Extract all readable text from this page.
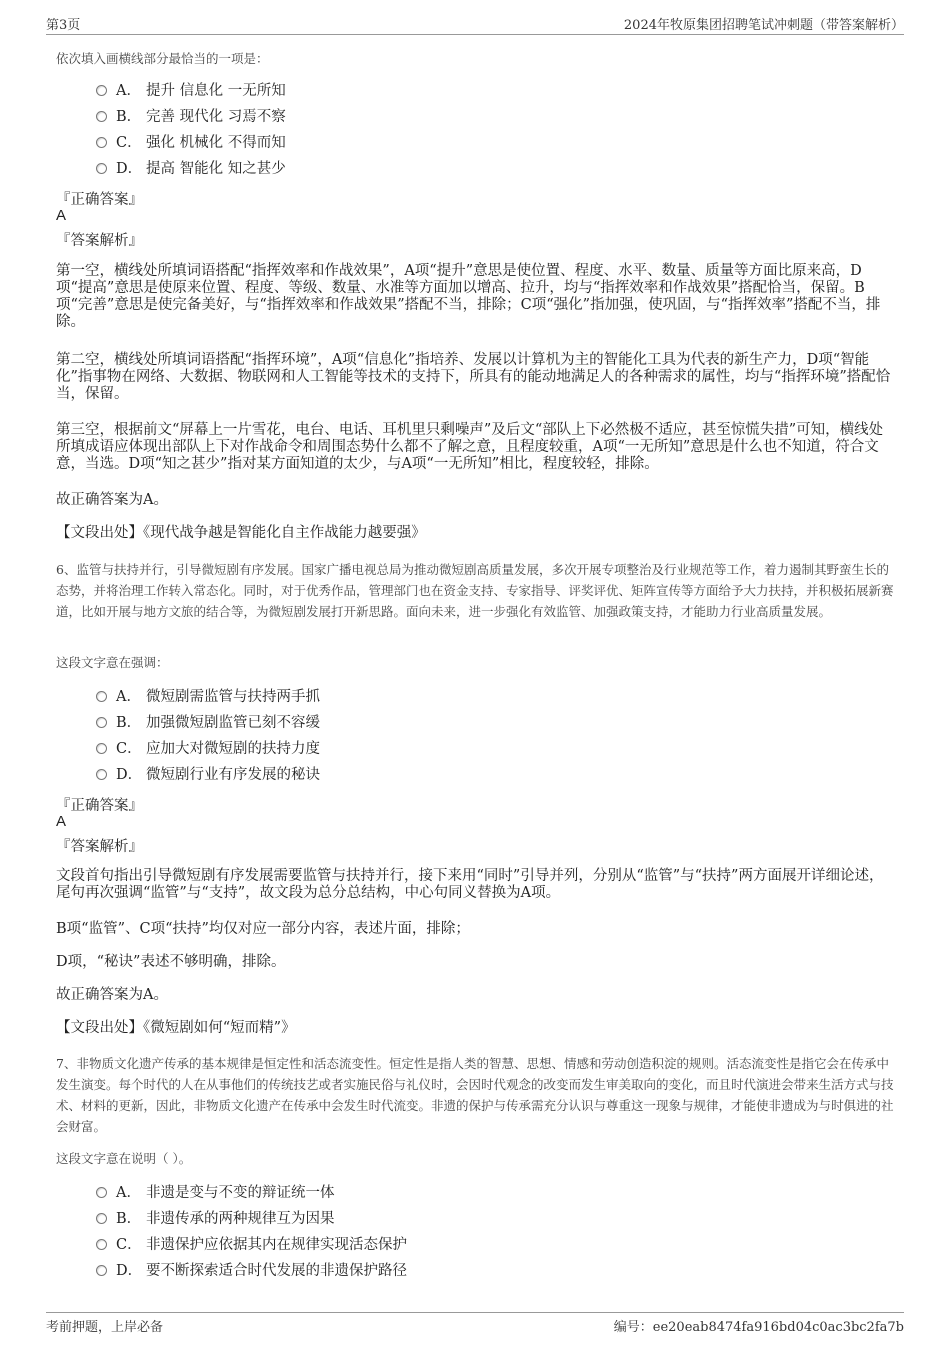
第3页	2024年牧原集团招聘笔试冲刺题（带答案解析）
依次填入画横线部分最恰当的一项是：
A． 提升 信息化 一无所知
B． 完善 现代化 习焉不察
C． 强化 机械化 不得而知
D． 提高 智能化 知之甚少
『正确答案』
A
『答案解析』
第一空，横线处所填词语搭配“指挥效率和作战效果”，A项“提升”意思是使位置、程度、水平、数量、质量等方面比原来高，D项“提高”意思是使原来位置、程度、等级、数量、水准等方面加以增高、拉升，均与“指挥效率和作战效果”搭配恰当，保留。B项“完善”意思是使完备美好，与“指挥效率和作战效果”搭配不当，排除；C项“强化”指加强，使巩固，与“指挥效率”搭配不当，排除。
第二空，横线处所填词语搭配“指挥环境”，A项“信息化”指培养、发展以计算机为主的智能化工具为代表的新生产力，D项“智能化”指事物在网络、大数据、物联网和人工智能等技术的支持下，所具有的能动地满足人的各种需求的属性，均与“指挥环境”搭配恰当，保留。
第三空，根据前文“屏幕上一片雪花，电台、电话、耳机里只剩噪声”及后文“部队上下必然极不适应，甚至惊慌失措”可知，横线处所填成语应体现出部队上下对作战命令和周围态势什么都不了解之意，且程度较重，A项“一无所知”意思是什么也不知道，符合文意，当选。D项“知之甚少”指对某方面知道的太少，与A项“一无所知”相比，程度较轻，排除。
故正确答案为A。
【文段出处】《现代战争越是智能化自主作战能力越要强》
6、监管与扶持并行，引导微短剧有序发展。国家广播电视总局为推动微短剧高质量发展，多次开展专项整治及行业规范等工作，着力遏制其野蛮生长的态势，并将治理工作转入常态化。同时，对于优秀作品，管理部门也在资金支持、专家指导、评奖评优、矩阵宣传等方面给予大力扶持，并积极拓展新赛道，比如开展与地方文旅的结合等，为微短剧发展打开新思路。面向未来，进一步强化有效监管、加强政策支持，才能助力行业高质量发展。
这段文字意在强调：
A． 微短剧需监管与扶持两手抓
B． 加强微短剧监管已刻不容缓
C． 应加大对微短剧的扶持力度
D． 微短剧行业有序发展的秘诀
『正确答案』
A
『答案解析』
文段首句指出引导微短剧有序发展需要监管与扶持并行，接下来用“同时”引导并列，分别从“监管”与“扶持”两方面展开详细论述，尾句再次强调“监管”与“支持”，故文段为总分总结构，中心句同义替换为A项。
B项“监管”、C项“扶持”均仅对应一部分内容，表述片面，排除；
D项，“秘诀”表述不够明确，排除。
故正确答案为A。
【文段出处】《微短剧如何“短而精”》
7、非物质文化遗产传承的基本规律是恒定性和活态流变性。恒定性是指人类的智慧、思想、情感和劳动创造积淀的规则。活态流变性是指它会在传承中发生演变。每个时代的人在从事他们的传统技艺或者实施民俗与礼仪时，会因时代观念的改变而发生审美取向的变化，而且时代演进会带来生活方式与技术、材料的更新，因此，非物质文化遗产在传承中会发生时代流变。非遗的保护与传承需充分认识与尊重这一现象与规律，才能使非遗成为与时俱进的社会财富。
这段文字意在说明（ ）。
A． 非遗是变与不变的辩证统一体
B． 非遗传承的两种规律互为因果
C． 非遗保护应依据其内在规律实现活态保护
D． 要不断探索适合时代发展的非遗保护路径
考前押题，上岸必备	编号：ee20eab8474fa916bd04c0ac3bc2fa7b
